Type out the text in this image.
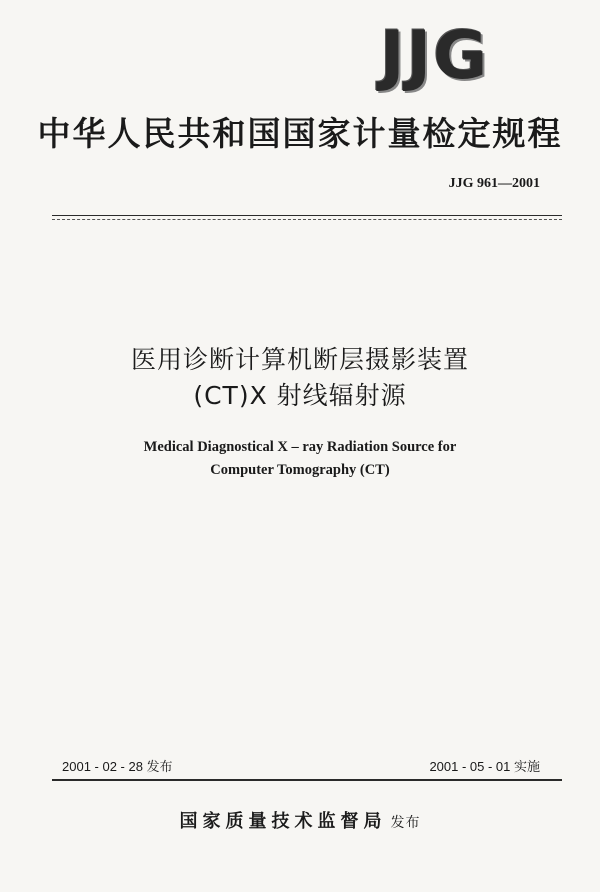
JJG
中华人民共和国国家计量检定规程
JJG 961—2001
医用诊断计算机断层摄影装置
(CT)X 射线辐射源
Medical Diagnostical X – ray Radiation Source for
Computer Tomography (CT)
2001 - 02 - 28 发布	2001 - 05 - 01 实施
国家质量技术监督局 发布
